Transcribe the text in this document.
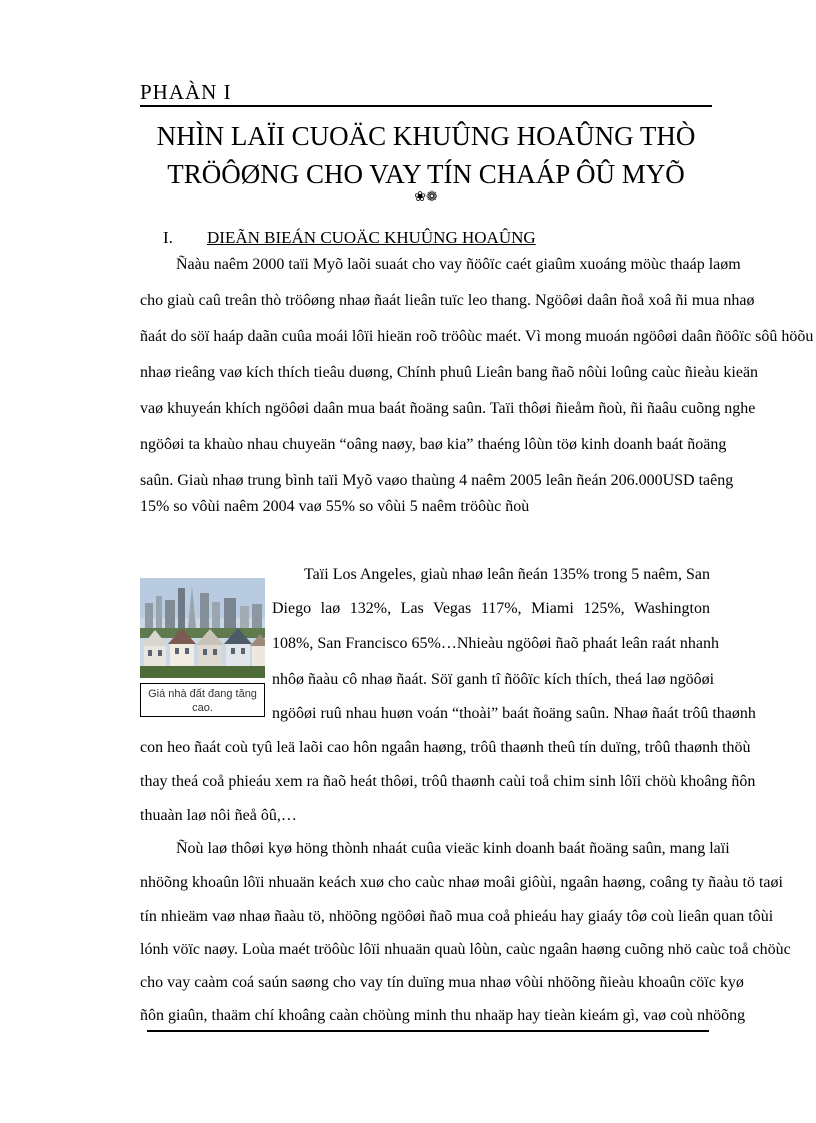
PHAÀN I
NHÌN LAÏI CUOÄC KHUÛNG HOAÛNG THÒ
TRÖÔØNG CHO VAY TÍN CHAÁP ÔÛ MYÕ
❀❁
I. DIEÃN BIEÁN CUOÄC KHUÛNG HOAÛNG
Ñaàu naêm 2000 taïi Myõ laõi suaát cho vay ñöôïc caét giaûm xuoáng möùc thaáp laøm
cho giaù caû treân thò tröôøng nhaø ñaát lieân tuïc leo thang. Ngöôøi daân ñoå xoâ ñi mua nhaø
ñaát do söï haáp daãn cuûa moái lôïi hieän roõ tröôùc maét. Vì mong muoán ngöôøi daân ñöôïc sôû höõu
nhaø rieâng vaø kích thích tieâu duøng, Chính phuû Lieân bang ñaõ nôùi loûng caùc ñieàu kieän
vaø khuyeán khích ngöôøi daân mua baát ñoäng saûn. Taïi thôøi ñieåm ñoù, ñi ñaâu cuõng nghe
ngöôøi ta khaùo nhau chuyeän “oâng naøy, baø kia” thaéng lôùn töø kinh doanh baát ñoäng
saûn. Giaù nhaø trung bình taïi Myõ vaøo thaùng 4 naêm 2005 leân ñeán 206.000USD taêng
15% so vôùi naêm 2004 vaø 55% so vôùi 5 naêm tröôùc ñoù
Giá nhà đất đang tăng
cao.
Taïi Los Angeles, giaù nhaø leân ñeán 135% trong 5 naêm, San
Diego laø 132%, Las Vegas 117%, Miami 125%, Washington
108%, San Francisco 65%…Nhieàu ngöôøi ñaõ phaát leân raát nhanh
nhôø ñaàu cô nhaø ñaát. Söï ganh tî ñöôïc kích thích, theá laø ngöôøi
ngöôøi ruû nhau huøn voán “thoài” baát ñoäng saûn. Nhaø ñaát trôû thaønh
con heo ñaát coù tyû leä laõi cao hôn ngaân haøng, trôû thaønh theû tín duïng, trôû thaønh thöù
thay theá coå phieáu xem ra ñaõ heát thôøi, trôû thaønh caùi toå chim sinh lôïi chöù khoâng ñôn
thuaàn laø nôi ñeå ôû,…
Ñoù laø thôøi kyø höng thònh nhaát cuûa vieäc kinh doanh baát ñoäng saûn, mang laïi
nhöõng khoaûn lôïi nhuaän keách xuø cho caùc nhaø moâi giôùi, ngaân haøng, coâng ty ñaàu tö taøi
tín nhieäm vaø nhaø ñaàu tö, nhöõng ngöôøi ñaõ mua coå phieáu hay giaáy tôø coù lieân quan tôùi
lónh vöïc naøy. Loùa maét tröôùc lôïi nhuaän quaù lôùn, caùc ngaân haøng cuõng nhö caùc toå chöùc
cho vay caàm coá saún saøng cho vay tín duïng mua nhaø vôùi nhöõng ñieàu khoaûn cöïc kyø
ñôn giaûn, thaäm chí khoâng caàn chöùng minh thu nhaäp hay tieàn kieám gì, vaø coù nhöõng
